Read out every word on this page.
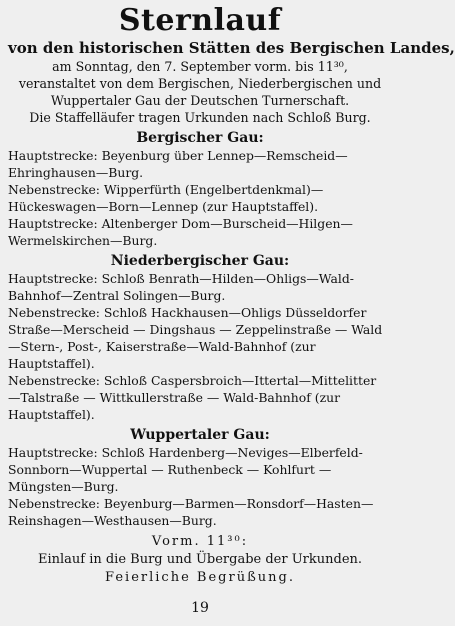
Sternlauf

von den historischen Stätten des Bergischen Landes,

am Sonntag, den 7. September vorm. bis 11³⁰,

veranstaltet von dem Bergischen, Niederbergischen und

Wuppertaler Gau der Deutschen Turnerschaft.

Die Staffelläufer tragen Urkunden nach Schloß Burg.

Bergischer Gau:

Hauptstrecke: Beyenburg über Lennep—Remscheid—Ehringhausen—Burg.

Nebenstrecke: Wipperfürth (Engelbertdenkmal)—Hückeswagen—Born—Lennep (zur Hauptstaffel).

Hauptstrecke: Altenberger Dom—Burscheid—Hilgen—Wermelskirchen—Burg.

Niederbergischer Gau:

Hauptstrecke: Schloß Benrath—Hilden—Ohligs—Wald-Bahnhof—Zentral Solingen—Burg.

Nebenstrecke: Schloß Hackhausen—Ohligs Düsseldorfer Straße—Merscheid — Dingshaus — Zeppelinstraße — Wald—Stern-, Post-, Kaiserstraße—Wald-Bahnhof (zur Hauptstaffel).

Nebenstrecke: Schloß Caspersbroich—Ittertal—Mittelitter —Talstraße — Wittkullerstraße — Wald-Bahnhof (zur Hauptstaffel).

Wuppertaler Gau:

Hauptstrecke: Schloß Hardenberg—Neviges—Elberfeld-Sonnborn—Wuppertal — Ruthenbeck — Kohlfurt — Müngsten—Burg.

Nebenstrecke: Beyenburg—Barmen—Ronsdorf—Hasten—Reinshagen—Westhausen—Burg.

Vorm. 11³⁰:

Einlauf in die Burg und Übergabe der Urkunden.

Feierliche Begrüßung.

19
